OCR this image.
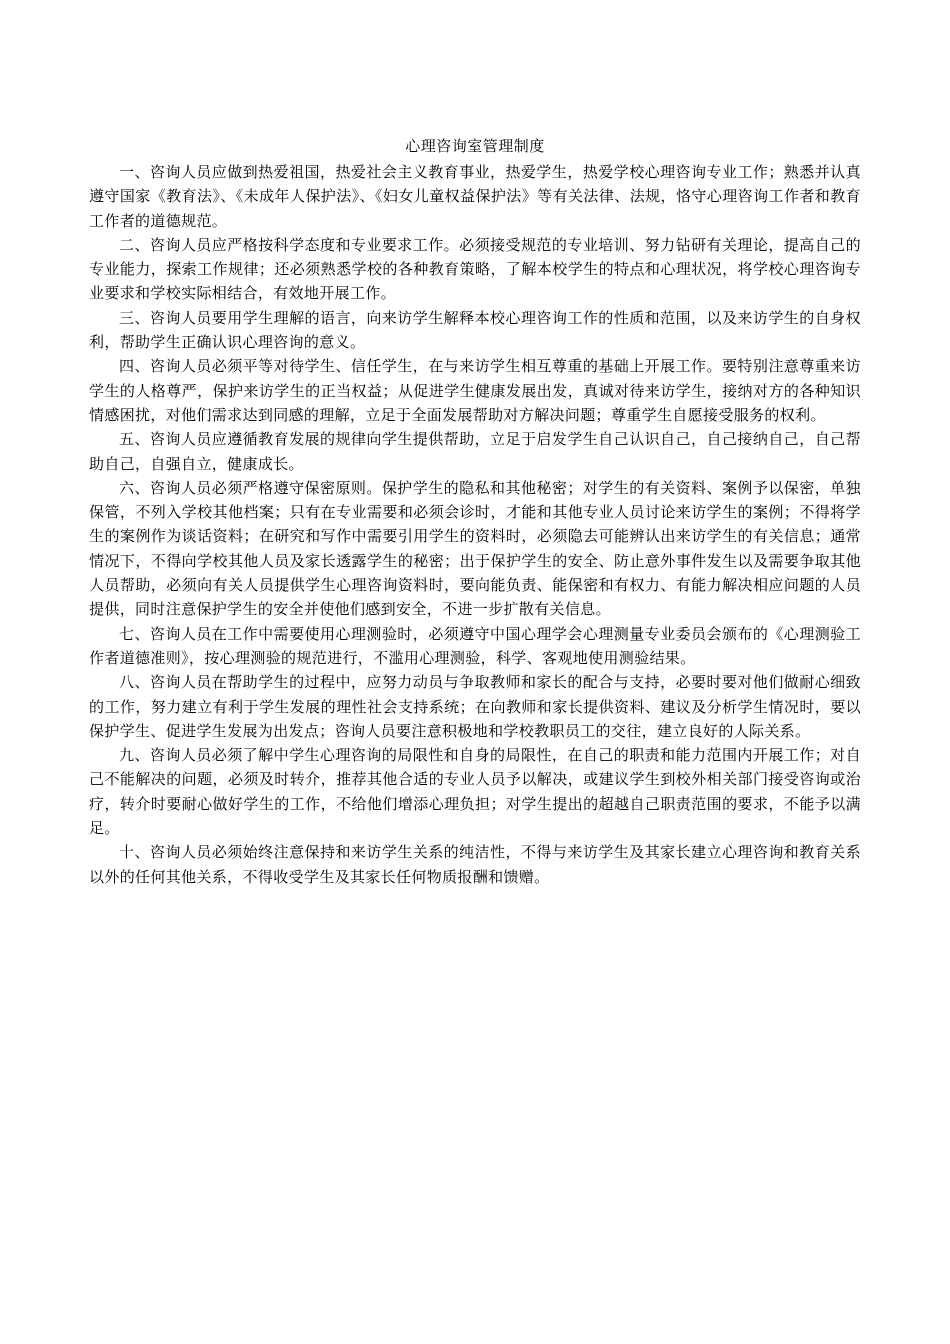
心理咨询室管理制度

一、咨询人员应做到热爱祖国，热爱社会主义教育事业，热爱学生，热爱学校心理咨询专业工作；熟悉并认真遵守国家《教育法》、《未成年人保护法》、《妇女儿童权益保护法》等有关法律、法规，恪守心理咨询工作者和教育工作者的道德规范。

二、咨询人员应严格按科学态度和专业要求工作。必须接受规范的专业培训、努力钻研有关理论，提高自己的专业能力，探索工作规律；还必须熟悉学校的各种教育策略，了解本校学生的特点和心理状况，将学校心理咨询专业要求和学校实际相结合，有效地开展工作。

三、咨询人员要用学生理解的语言，向来访学生解释本校心理咨询工作的性质和范围，以及来访学生的自身权利，帮助学生正确认识心理咨询的意义。

四、咨询人员必须平等对待学生、信任学生，在与来访学生相互尊重的基础上开展工作。要特别注意尊重来访学生的人格尊严，保护来访学生的正当权益；从促进学生健康发展出发，真诚对待来访学生，接纳对方的各种知识情感困扰，对他们需求达到同感的理解，立足于全面发展帮助对方解决问题；尊重学生自愿接受服务的权利。

五、咨询人员应遵循教育发展的规律向学生提供帮助，立足于启发学生自己认识自己，自己接纳自己，自己帮助自己，自强自立，健康成长。

六、咨询人员必须严格遵守保密原则。保护学生的隐私和其他秘密；对学生的有关资料、案例予以保密，单独保管，不列入学校其他档案；只有在专业需要和必须会诊时，才能和其他专业人员讨论来访学生的案例；不得将学生的案例作为谈话资料；在研究和写作中需要引用学生的资料时，必须隐去可能辨认出来访学生的有关信息；通常情况下，不得向学校其他人员及家长透露学生的秘密；出于保护学生的安全、防止意外事件发生以及需要争取其他人员帮助，必须向有关人员提供学生心理咨询资料时，要向能负责、能保密和有权力、有能力解决相应问题的人员提供，同时注意保护学生的安全并使他们感到安全，不进一步扩散有关信息。

七、咨询人员在工作中需要使用心理测验时，必须遵守中国心理学会心理测量专业委员会颁布的《心理测验工作者道德准则》，按心理测验的规范进行，不滥用心理测验，科学、客观地使用测验结果。

八、咨询人员在帮助学生的过程中，应努力动员与争取教师和家长的配合与支持，必要时要对他们做耐心细致的工作，努力建立有利于学生发展的理性社会支持系统；在向教师和家长提供资料、建议及分析学生情况时，要以保护学生、促进学生发展为出发点；咨询人员要注意积极地和学校教职员工的交往，建立良好的人际关系。

九、咨询人员必须了解中学生心理咨询的局限性和自身的局限性，在自己的职责和能力范围内开展工作；对自己不能解决的问题，必须及时转介，推荐其他合适的专业人员予以解决，或建议学生到校外相关部门接受咨询或治疗，转介时要耐心做好学生的工作，不给他们增添心理负担；对学生提出的超越自己职责范围的要求，不能予以满足。

十、咨询人员必须始终注意保持和来访学生关系的纯洁性，不得与来访学生及其家长建立心理咨询和教育关系以外的任何其他关系，不得收受学生及其家长任何物质报酬和馈赠。
